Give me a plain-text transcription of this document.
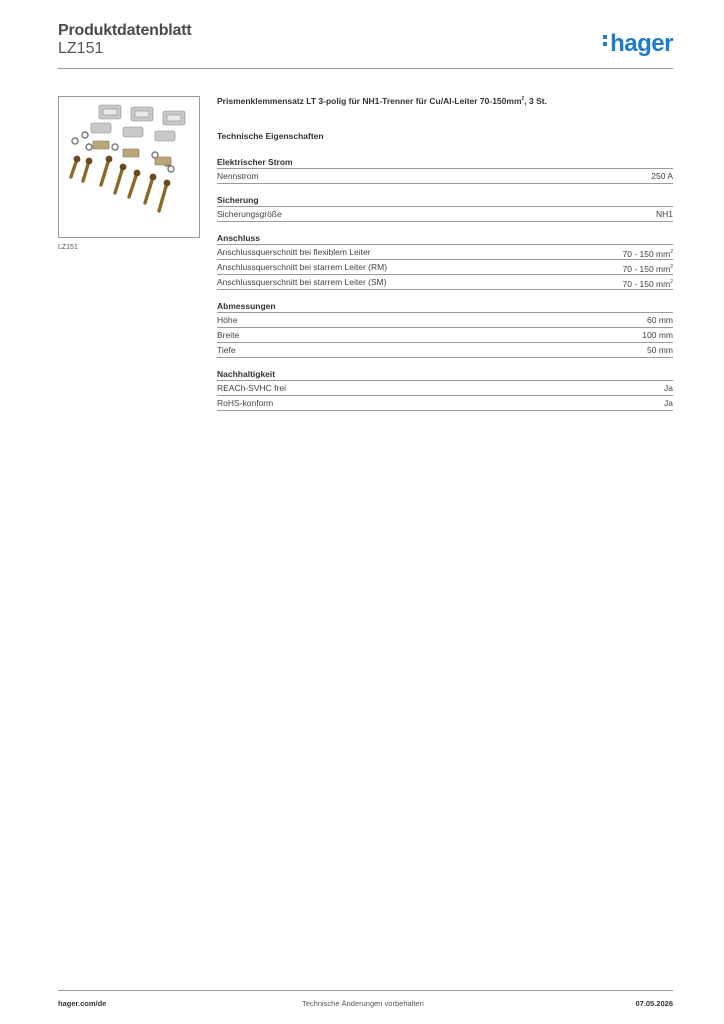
Produktdatenblatt
LZ151	hager
LZ151
Prismenklemmensatz LT 3-polig für NH1-Trenner für Cu/Al-Leiter $70-150mm^2$, 3 St.
Technische Eigenschaften
Elektrischer Strom
Nennstrom	250 A
Sicherung
Sicherungsgröße	NH1
Anschluss
Anschlussquerschnitt bei flexiblem Leiter	70 - 150 $mm^2$
Anschlussquerschnitt bei starrem Leiter (RM)	70 - 150 $mm^2$
Anschlussquerschnitt bei starrem Leiter (SM)	70 - 150 $mm^2$
Abmessungen
Höhe	60 mm
Breite	100 mm
Tiefe	50 mm
Nachhaltigkeit
REACh-SVHC frei	Ja
RoHS-konform	Ja
hager.com/de	Technische Änderungen vorbehalten	07.05.2026
